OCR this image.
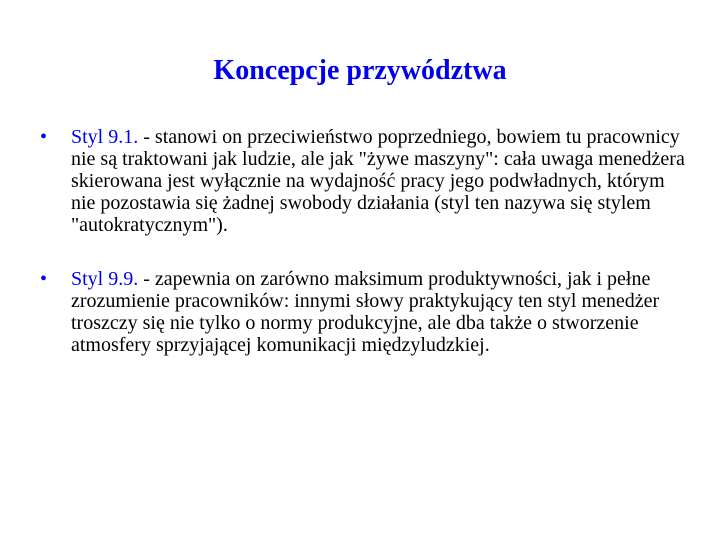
Koncepcje przywództwa
• Styl 9.1. - stanowi on przeciwieństwo poprzedniego, bowiem tu pracownicy nie są traktowani jak ludzie, ale jak "żywe maszyny": cała uwaga menedżera skierowana jest wyłącznie na wydajność pracy jego podwładnych, którym nie pozostawia się żadnej swobody działania (styl ten nazywa się stylem "autokratycznym").
• Styl 9.9. - zapewnia on zarówno maksimum produktywności, jak i pełne zrozumienie pracowników: innymi słowy praktykujący ten styl menedżer troszczy się nie tylko o normy produkcyjne, ale dba także o stworzenie atmosfery sprzyjającej komunikacji międzyludzkiej.
